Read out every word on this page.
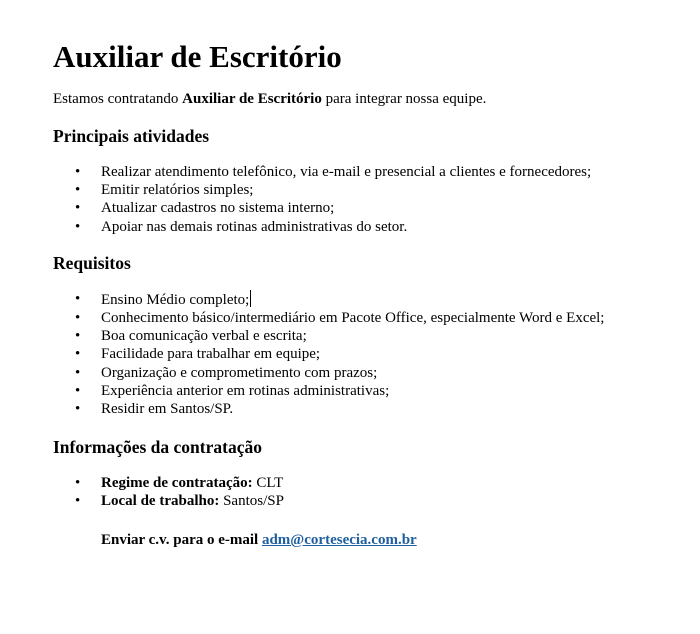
Auxiliar de Escritório

Estamos contratando Auxiliar de Escritório para integrar nossa equipe.

Principais atividades
• Realizar atendimento telefônico, via e-mail e presencial a clientes e fornecedores;
• Emitir relatórios simples;
• Atualizar cadastros no sistema interno;
• Apoiar nas demais rotinas administrativas do setor.
Requisitos
• Ensino Médio completo;
• Conhecimento básico/intermediário em Pacote Office, especialmente Word e Excel;
• Boa comunicação verbal e escrita;
• Facilidade para trabalhar em equipe;
• Organização e comprometimento com prazos;
• Experiência anterior em rotinas administrativas;
• Residir em Santos/SP.
Informações da contratação
• Regime de contratação: CLT
• Local de trabalho: Santos/SP

Enviar c.v. para o e-mail adm@cortesecia.com.br
